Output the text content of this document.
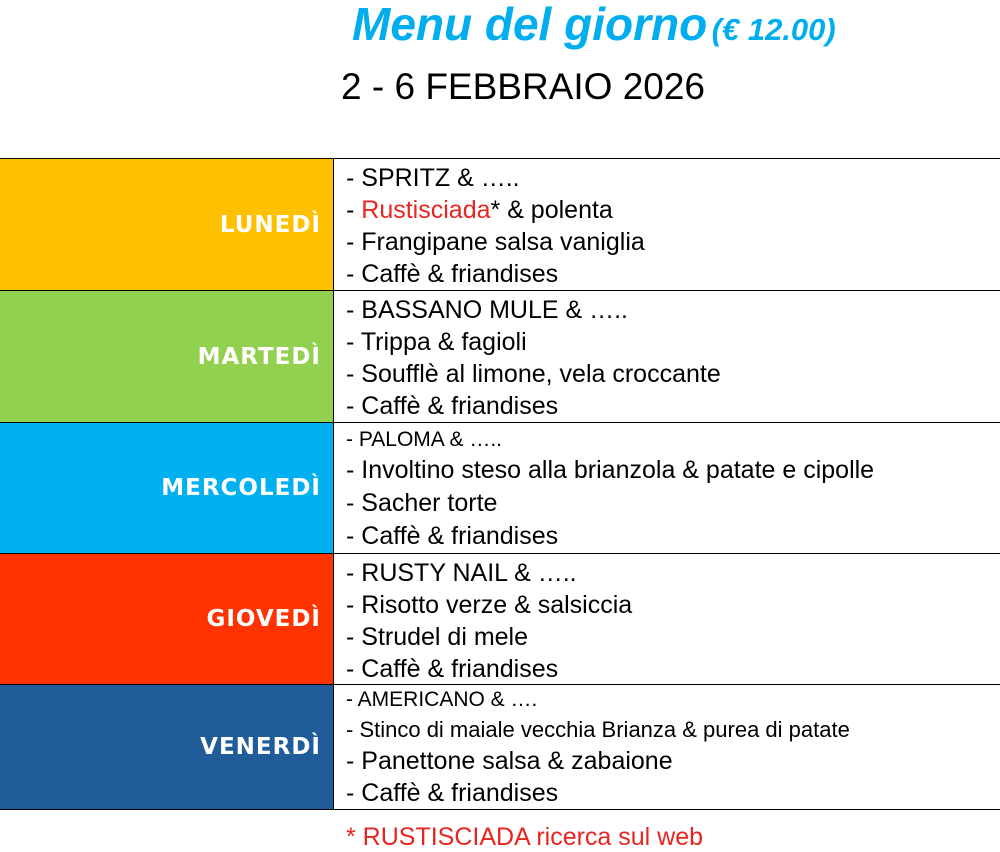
Menu del giorno (€ 12.00)
2 - 6 FEBBRAIO 2026
LUNEDÌ
- SPRITZ & …..
- Rustisciada* & polenta
- Frangipane salsa vaniglia
- Caffè & friandises
MARTEDÌ
- BASSANO MULE & …..
- Trippa & fagioli
- Soufflè al limone, vela croccante
- Caffè & friandises
MERCOLEDÌ
- PALOMA & …..
- Involtino steso alla brianzola & patate e cipolle
- Sacher torte
- Caffè & friandises
GIOVEDÌ
- RUSTY NAIL & …..
- Risotto verze & salsiccia
- Strudel di mele
- Caffè & friandises
VENERDÌ
- AMERICANO & ….
- Stinco di maiale vecchia Brianza & purea di patate
- Panettone salsa & zabaione
- Caffè & friandises
* RUSTISCIADA ricerca sul web
